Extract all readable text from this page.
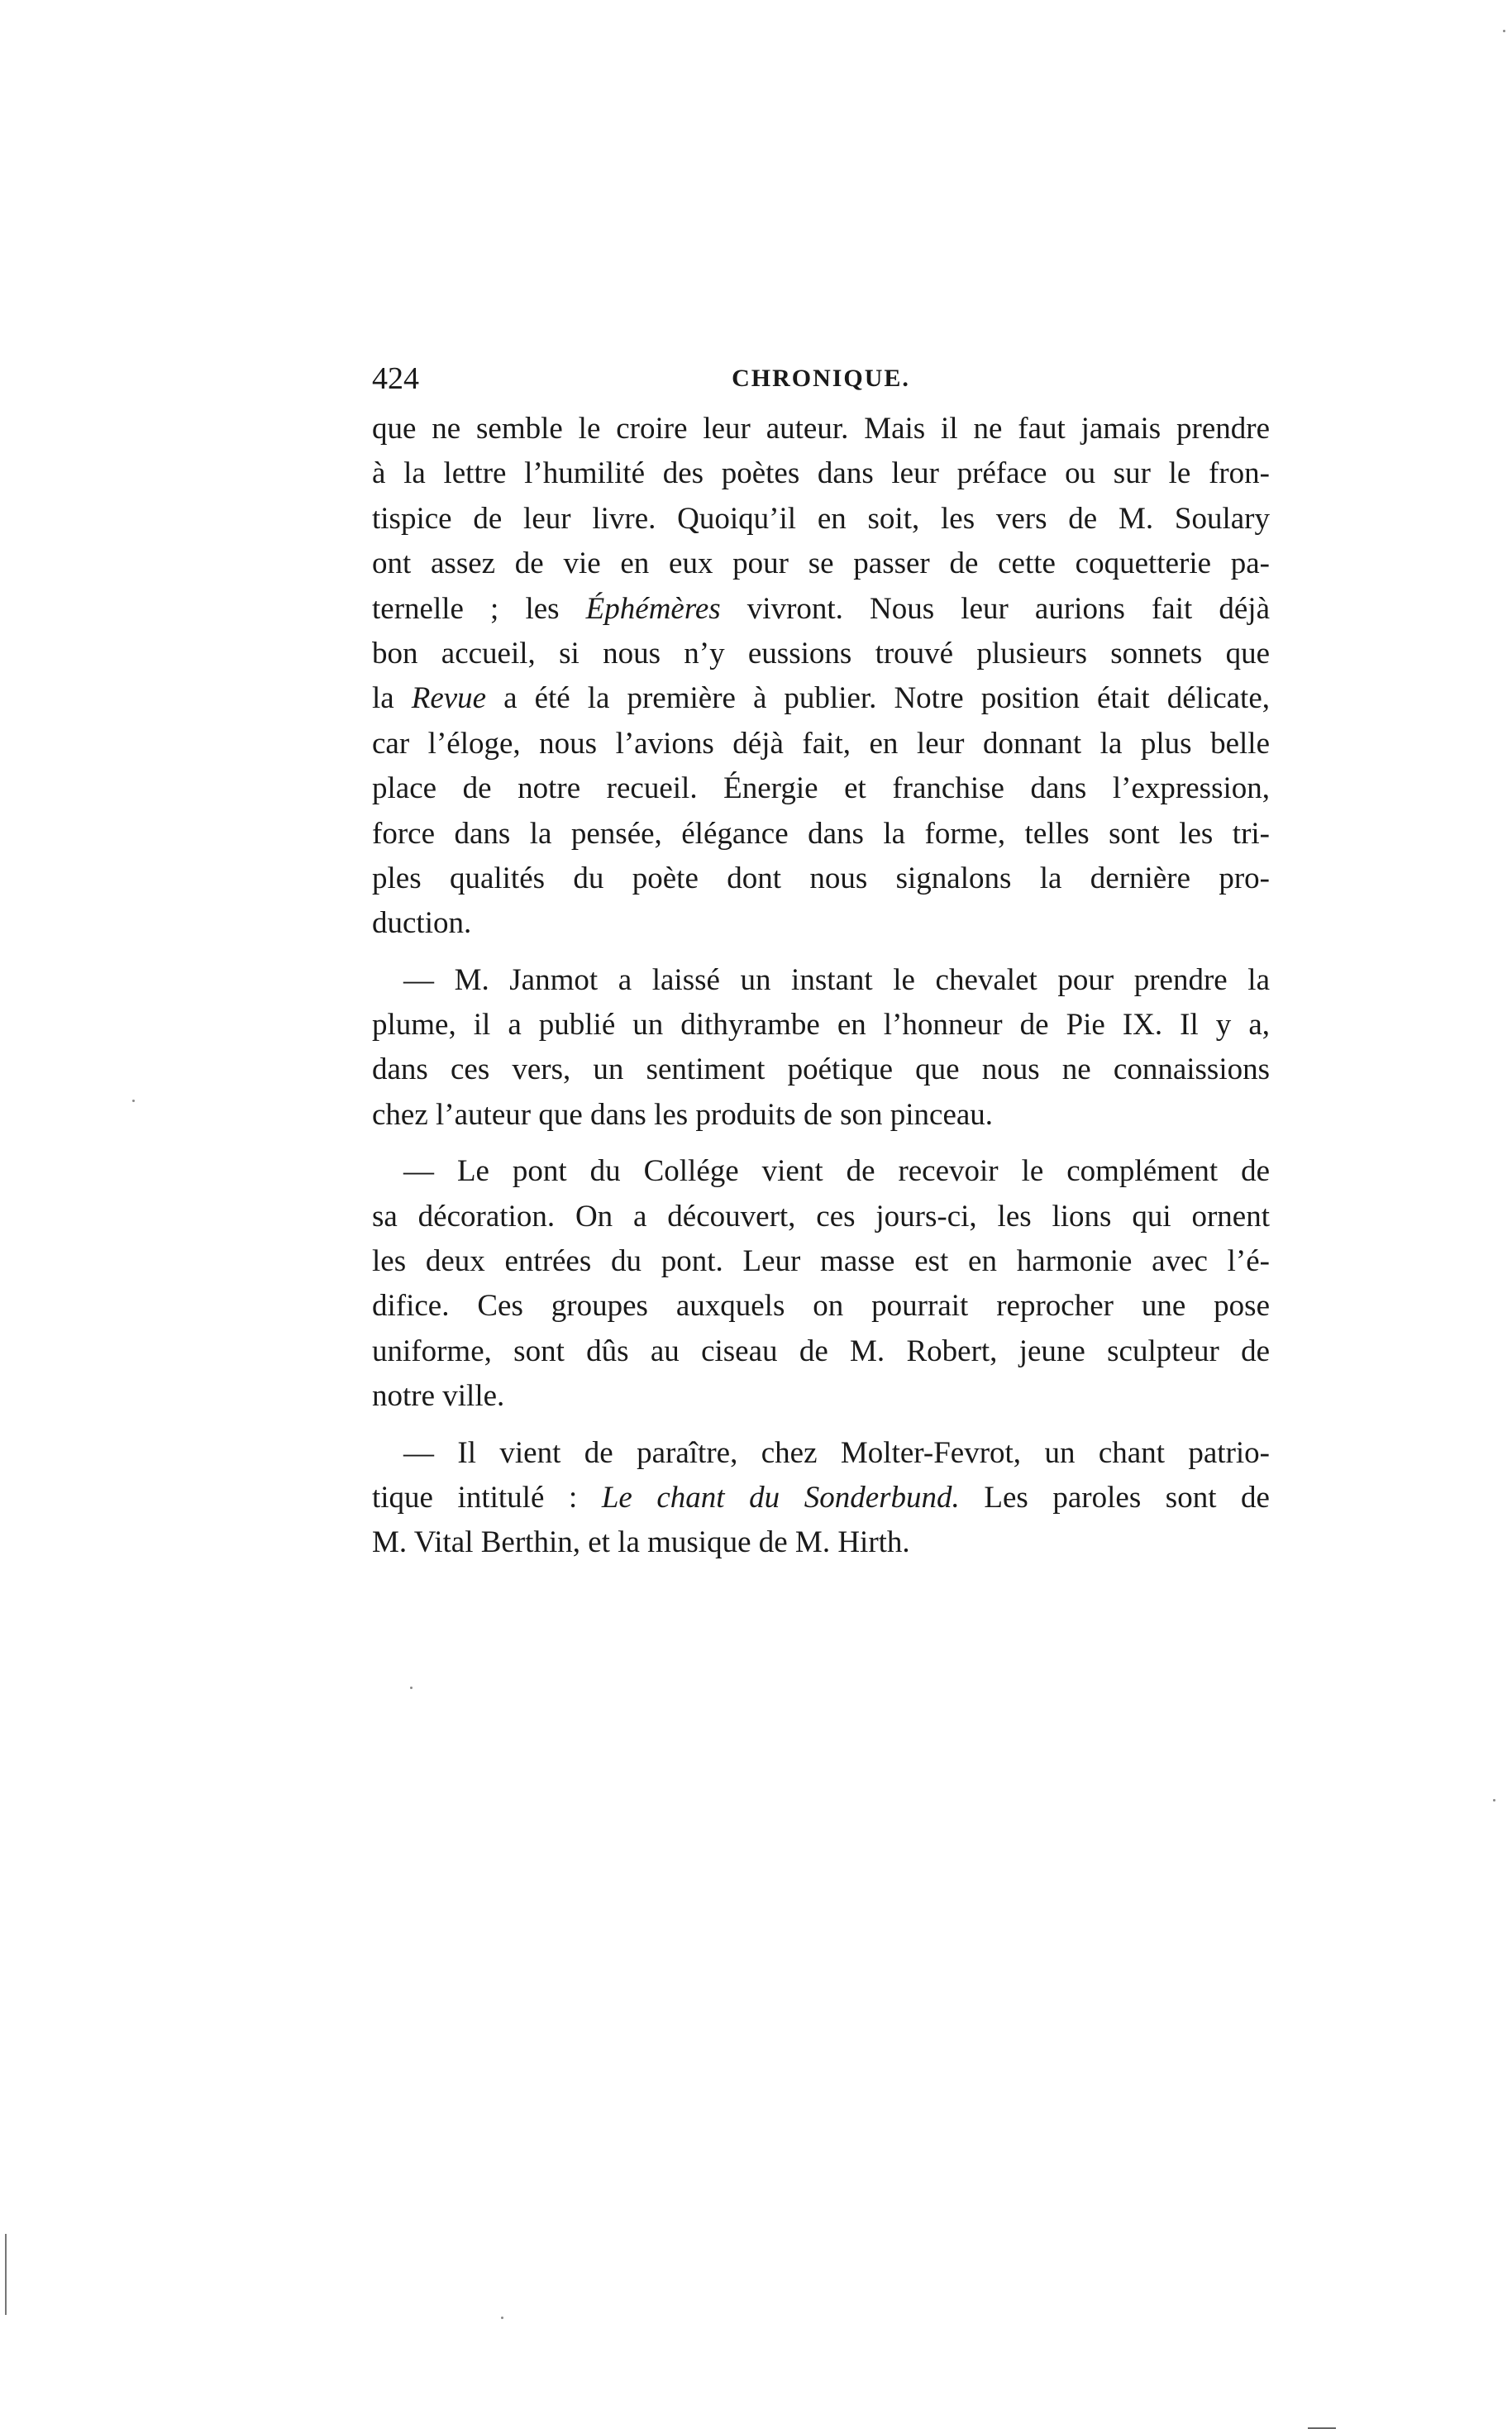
424	CHRONIQUE.
que ne semble le croire leur auteur. Mais il ne faut jamais prendre
à la lettre l’humilité des poètes dans leur préface ou sur le fron-
tispice de leur livre. Quoiqu’il en soit, les vers de M. Soulary
ont assez de vie en eux pour se passer de cette coquetterie pa-
ternelle ; les Éphémères vivront. Nous leur aurions fait déjà
bon accueil, si nous n’y eussions trouvé plusieurs sonnets que
la Revue a été la première à publier. Notre position était délicate,
car l’éloge, nous l’avions déjà fait, en leur donnant la plus belle
place de notre recueil. Énergie et franchise dans l’expression,
force dans la pensée, élégance dans la forme, telles sont les tri-
ples qualités du poète dont nous signalons la dernière pro-
duction.
— M. Janmot a laissé un instant le chevalet pour prendre la
plume, il a publié un dithyrambe en l’honneur de Pie IX. Il y a,
dans ces vers, un sentiment poétique que nous ne connaissions
chez l’auteur que dans les produits de son pinceau.
— Le pont du Collége vient de recevoir le complément de
sa décoration. On a découvert, ces jours-ci, les lions qui ornent
les deux entrées du pont. Leur masse est en harmonie avec l’é-
difice. Ces groupes auxquels on pourrait reprocher une pose
uniforme, sont dûs au ciseau de M. Robert, jeune sculpteur de
notre ville.
— Il vient de paraître, chez Molter-Fevrot, un chant patrio-
tique intitulé : Le chant du Sonderbund. Les paroles sont de
M. Vital Berthin, et la musique de M. Hirth.
